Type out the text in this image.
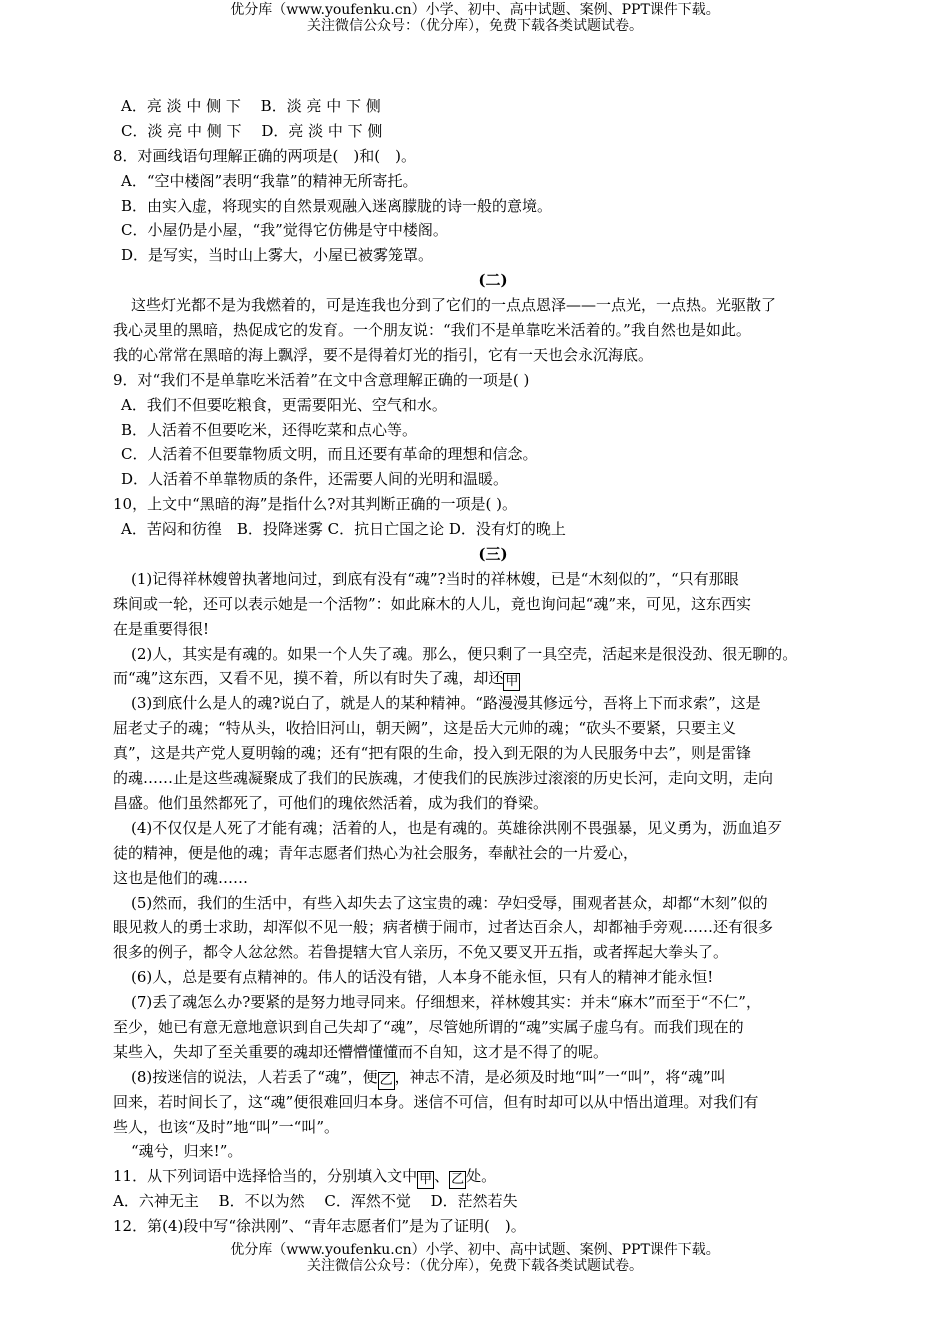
优分库（www.youfenku.cn）小学、初中、高中试题、案例、PPT课件下载。
关注微信公众号：（优分库），免费下载各类试题试卷。
A．亮 淡 中 侧 下　 B．淡 亮 中 下 侧
C．淡 亮 中 侧 下　 D．亮 淡 中 下 侧
8．对画线语句理解正确的两项是(　)和(　)。
A．“空中楼阁”表明“我靠”的精神无所寄托。
B．由实入虚，将现实的自然景观融入迷离朦胧的诗一般的意境。
C．小屋仍是小屋，“我”觉得它仿佛是守中楼阁。
D．是写实，当时山上雾大，小屋已被雾笼罩。
(二)
这些灯光都不是为我燃着的，可是连我也分到了它们的一点点恩泽——一点光，一点热。光驱散了
我心灵里的黑暗，热促成它的发育。一个朋友说：“我们不是单靠吃米活着的。”我自然也是如此。
我的心常常在黑暗的海上飘浮，要不是得着灯光的指引，它有一天也会永沉海底。
9．对“我们不是单靠吃米活着”在文中含意理解正确的一项是( )
A．我们不但要吃粮食，更需要阳光、空气和水。
B．人活着不但要吃米，还得吃菜和点心等。
C．人活着不但要靠物质文明，而且还要有革命的理想和信念。
D．人活着不单靠物质的条件，还需要人间的光明和温暖。
10，上文中“黑暗的海”是指什么?对其判断正确的一项是( )。
A．苦闷和彷徨　B．投降迷雾 C．抗日亡国之论 D．没有灯的晚上
(三)
(1)记得祥林嫂曾执著地问过，到底有没有“魂”?当时的祥林嫂，已是“木刻似的”，“只有那眼
珠间或一轮，还可以表示她是一个活物”：如此麻木的人儿，竟也询问起“魂”来，可见，这东西实
在是重要得很!
(2)人，其实是有魂的。如果一个人失了魂。那么，便只剩了一具空壳，活起来是很没劲、很无聊的。
而“魂”这东西，又看不见，摸不着，所以有时失了魂，却还 甲
(3)到底什么是人的魂?说白了，就是人的某种精神。“路漫漫其修远兮，吾将上下而求索”，这是
屈老丈子的魂；“特从头，收拾旧河山，朝天阙”，这是岳大元帅的魂；“砍头不要紧，只要主义
真”，这是共产党人夏明翰的魂；还有“把有限的生命，投入到无限的为人民服务中去”，则是雷锋
的魂……止是这些魂凝聚成了我们的民族魂，才使我们的民族涉过滚滚的历史长河，走向文明，走向
昌盛。他们虽然都死了，可他们的瑰依然活着，成为我们的脊梁。
(4)不仅仅是人死了才能有魂；活着的人，也是有魂的。英雄徐洪刚不畏强暴，见义勇为，沥血追歹
徒的精神，便是他的魂；青年志愿者们热心为社会服务，奉献社会的一片爱心，
这也是他们的魂……
(5)然而，我们的生活中，有些入却失去了这宝贵的魂：孕妇受辱，围观者甚众，却都“木刻”似的
眼见救人的勇士求助，却浑似不见一般；病者横于闹市，过者达百余人，却都袖手旁观……还有很多
很多的例子，都令人忿忿然。若鲁提辖大官人亲历，不免又要叉开五指，或者挥起大拳头了。
(6)人，总是要有点精神的。伟人的话没有错，人本身不能永恒，只有人的精神才能永恒!
(7)丢了魂怎么办?要紧的是努力地寻同来。仔细想来，祥林嫂其实：并未“麻木”而至于“不仁”，
至少，她已有意无意地意识到自己失却了“魂”，尽管她所谓的“魂”实属子虚乌有。而我们现在的
某些入，失却了至关重要的魂却还懵懵懂懂而不自知，这才是不得了的呢。
(8)按迷信的说法，人若丢了“魂”，便 乙 ，神志不清，是必须及时地“叫”一“叫”，将“魂”叫
回来，若时间长了，这“魂”便很难回归本身。迷信不可信，但有时却可以从中悟出道理。对我们有
些人，也该“及时”地“叫”一“叫”。
“魂兮，归来!”。
11．从下列词语中选择恰当的，分别填入文中 甲 、 乙 处。
A．六神无主　 B．不以为然　 C．浑然不觉　 D．茫然若失
12．第(4)段中写“徐洪刚”、“青年志愿者们”是为了证明(　)。
优分库（www.youfenku.cn）小学、初中、高中试题、案例、PPT课件下载。
关注微信公众号：（优分库），免费下载各类试题试卷。
